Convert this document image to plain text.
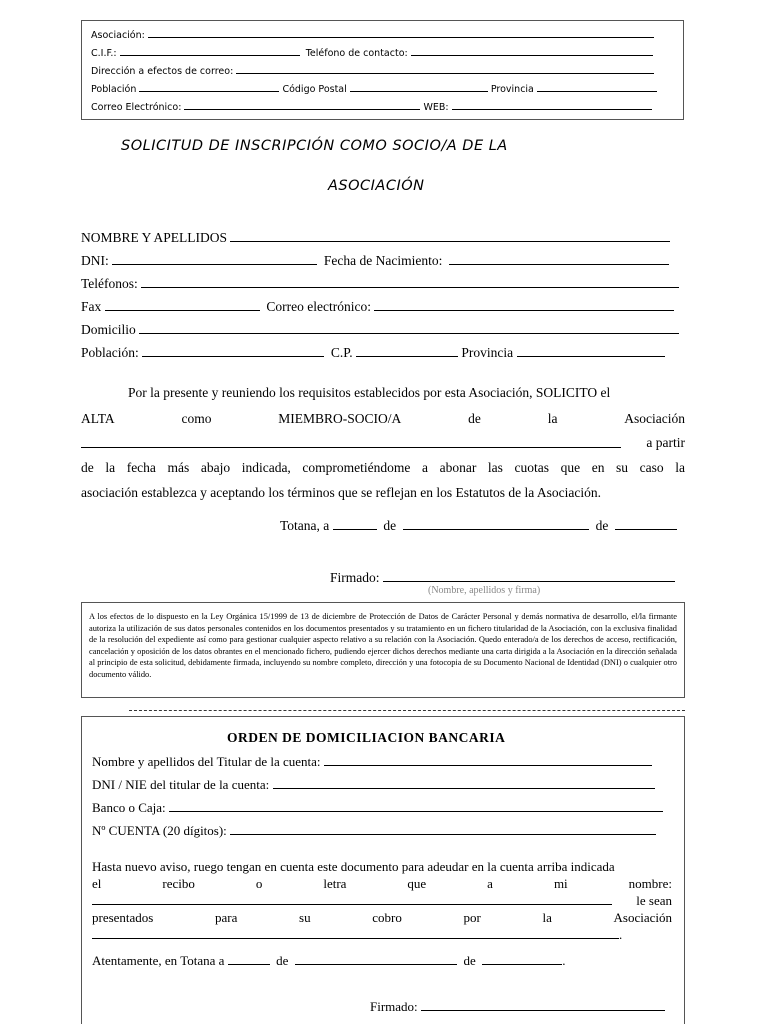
Asociación:
C.I.F.:	Teléfono de contacto:
Dirección a efectos de correo:
Población	Código Postal	Provincia
Correo Electrónico:	WEB:
SOLICITUD DE INSCRIPCIÓN COMO SOCIO/A DE LA
ASOCIACIÓN
NOMBRE Y APELLIDOS
DNI:	Fecha de Nacimiento:
Teléfonos:
Fax	Correo electrónico:
Domicilio
Población:	C.P.	Provincia
Por la presente y reuniendo los requisitos establecidos por esta Asociación, SOLICITO el
ALTA	como	MIEMBRO-SOCIO/A	de	la	Asociación
a partir
de la fecha más abajo indicada, comprometiéndome a abonar las cuotas que en su caso la
asociación establezca y aceptando los términos que se reflejan en los Estatutos de la Asociación.
Totana, a	de	de
Firmado:
(Nombre, apellidos y firma)
A los efectos de lo dispuesto en la Ley Orgánica 15/1999 de 13 de diciembre de Protección de Datos de Carácter Personal y demás normativa de desarrollo, el/la firmante autoriza la utilización de sus datos personales contenidos en los documentos presentados y su tratamiento en un fichero titularidad de la Asociación, con la exclusiva finalidad de la resolución del expediente así como para gestionar cualquier aspecto relativo a su relación con la Asociación. Quedo enterado/a de los derechos de acceso, rectificación, cancelación y oposición de los datos obrantes en el mencionado fichero, pudiendo ejercer dichos derechos mediante una carta dirigida a la Asociación en la dirección señalada al principio de esta solicitud, debidamente firmada, incluyendo su nombre completo, dirección y una fotocopia de su Documento Nacional de Identidad (DNI) o cualquier otro documento válido.
ORDEN DE DOMICILIACION BANCARIA
Nombre y apellidos del Titular de la cuenta:
DNI / NIE del titular de la cuenta:
Banco o Caja:
Nº CUENTA (20 dígitos):
Hasta nuevo aviso, ruego tengan en cuenta este documento para adeudar en la cuenta arriba indicada
el	recibo	o	letra	que	a	mi	nombre:
le sean
presentados	para	su	cobro	por	la	Asociación
.
Atentamente, en Totana a	de	de	.
Firmado:
